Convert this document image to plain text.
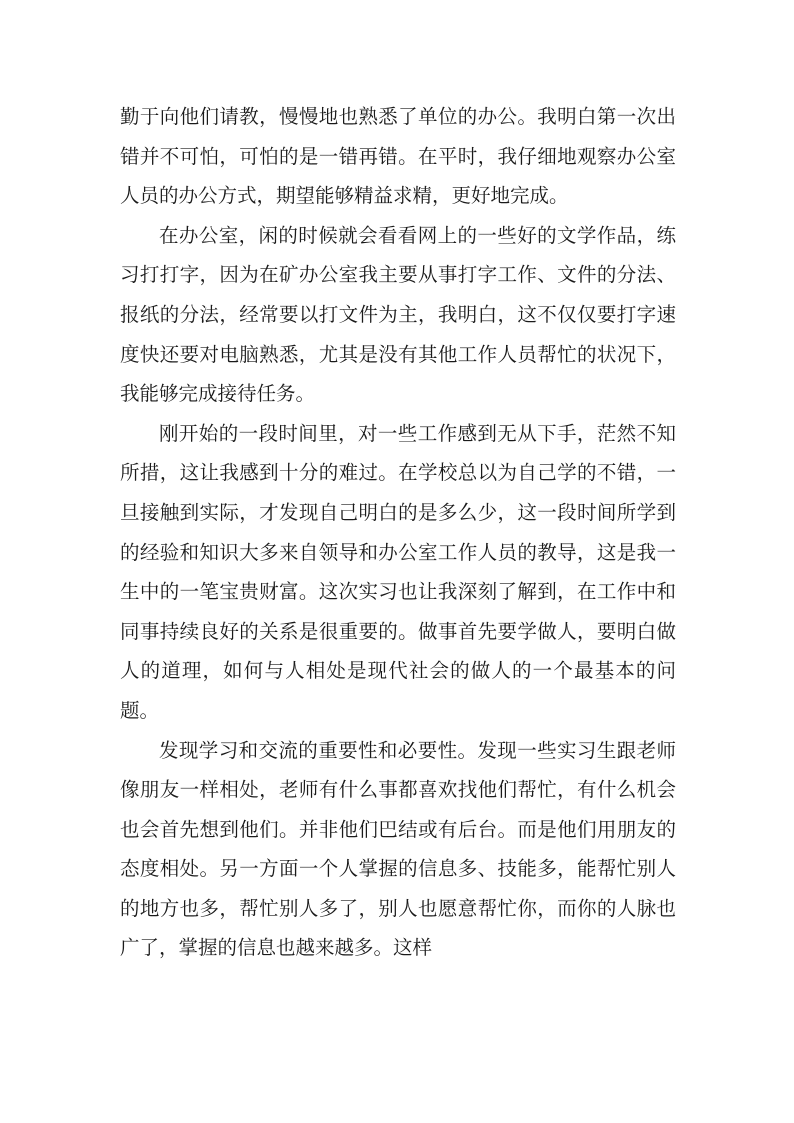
勤于向他们请教，慢慢地也熟悉了单位的办公。我明白第一次出错并不可怕，可怕的是一错再错。在平时，我仔细地观察办公室人员的办公方式，期望能够精益求精，更好地完成。

在办公室，闲的时候就会看看网上的一些好的文学作品，练习打打字，因为在矿办公室我主要从事打字工作、文件的分法、报纸的分法，经常要以打文件为主，我明白，这不仅仅要打字速度快还要对电脑熟悉，尤其是没有其他工作人员帮忙的状况下，我能够完成接待任务。

刚开始的一段时间里，对一些工作感到无从下手，茫然不知所措，这让我感到十分的难过。在学校总以为自己学的不错，一旦接触到实际，才发现自己明白的是多么少，这一段时间所学到的经验和知识大多来自领导和办公室工作人员的教导，这是我一生中的一笔宝贵财富。这次实习也让我深刻了解到，在工作中和同事持续良好的关系是很重要的。做事首先要学做人，要明白做人的道理，如何与人相处是现代社会的做人的一个最基本的问题。

发现学习和交流的重要性和必要性。发现一些实习生跟老师像朋友一样相处，老师有什么事都喜欢找他们帮忙，有什么机会也会首先想到他们。并非他们巴结或有后台。而是他们用朋友的态度相处。另一方面一个人掌握的信息多、技能多，能帮忙别人的地方也多，帮忙别人多了，别人也愿意帮忙你，而你的人脉也广了，掌握的信息也越来越多。这样
